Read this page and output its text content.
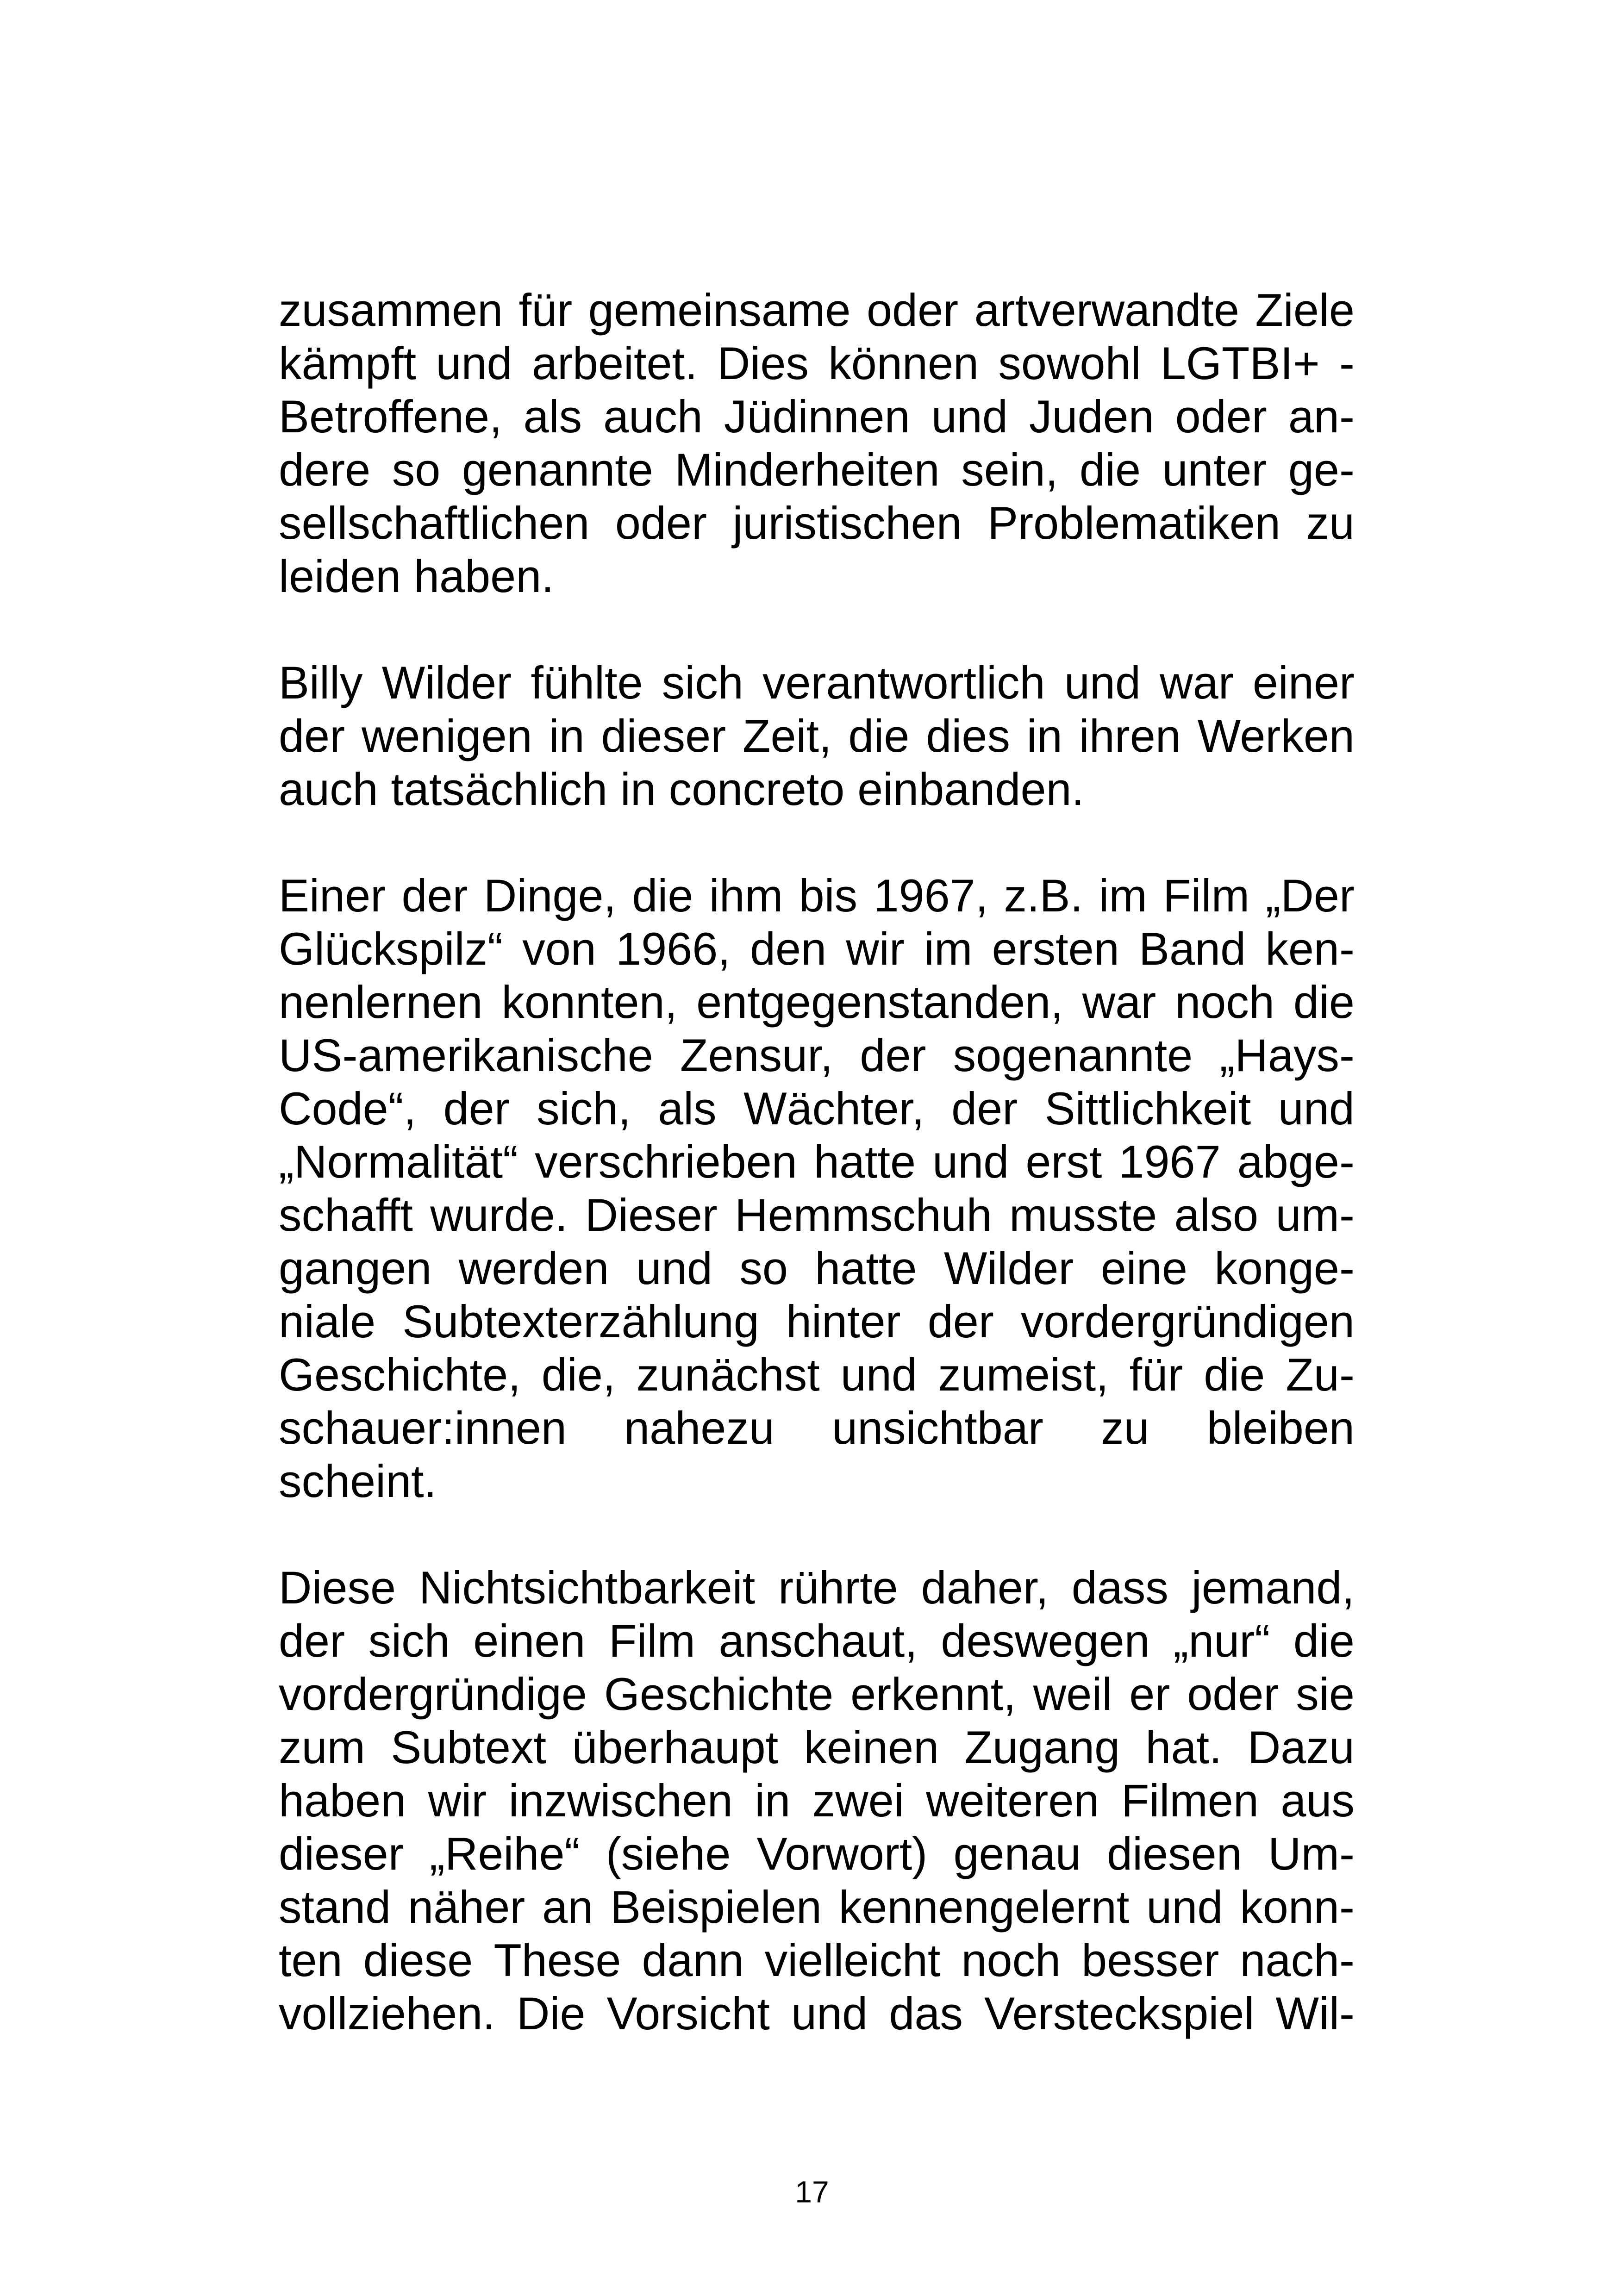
zusammen für gemeinsame oder artverwandte Ziele
kämpft und arbeitet. Dies können sowohl LGTBI+ -
Betroffene, als auch Jüdinnen und Juden oder an-
dere so genannte Minderheiten sein, die unter ge-
sellschaftlichen oder juristischen Problematiken zu
leiden haben.
Billy Wilder fühlte sich verantwortlich und war einer
der wenigen in dieser Zeit, die dies in ihren Werken
auch tatsächlich in concreto einbanden.
Einer der Dinge, die ihm bis 1967, z.B. im Film „Der
Glückspilz“ von 1966, den wir im ersten Band ken-
nenlernen konnten, entgegenstanden, war noch die
US-amerikanische Zensur, der sogenannte „Hays-
Code“, der sich, als Wächter, der Sittlichkeit und
„Normalität“ verschrieben hatte und erst 1967 abge-
schafft wurde. Dieser Hemmschuh musste also um-
gangen werden und so hatte Wilder eine konge-
niale Subtexterzählung hinter der vordergründigen
Geschichte, die, zunächst und zumeist, für die Zu-
schauer:innen nahezu unsichtbar zu bleiben
scheint.
Diese Nichtsichtbarkeit rührte daher, dass jemand,
der sich einen Film anschaut, deswegen „nur“ die
vordergründige Geschichte erkennt, weil er oder sie
zum Subtext überhaupt keinen Zugang hat. Dazu
haben wir inzwischen in zwei weiteren Filmen aus
dieser „Reihe“ (siehe Vorwort) genau diesen Um-
stand näher an Beispielen kennengelernt und konn-
ten diese These dann vielleicht noch besser nach-
vollziehen. Die Vorsicht und das Versteckspiel Wil-
17
